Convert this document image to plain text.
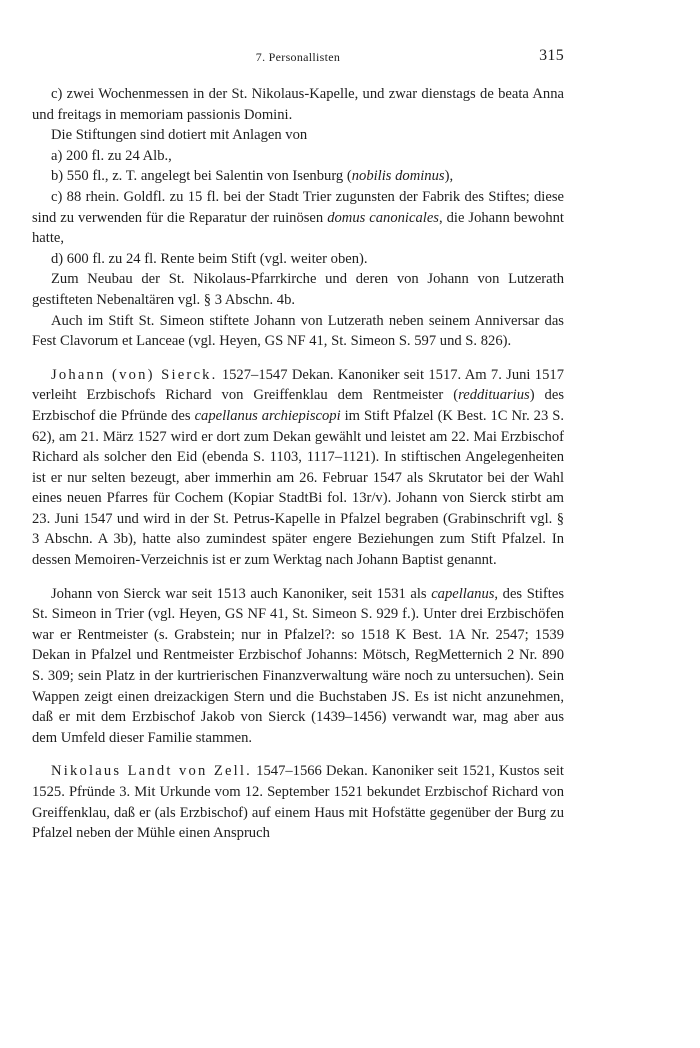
7. Personallisten	315

c) zwei Wochenmessen in der St. Nikolaus-Kapelle, und zwar dienstags de beata Anna und freitags in memoriam passionis Domini.

Die Stiftungen sind dotiert mit Anlagen von

a) 200 fl. zu 24 Alb.,

b) 550 fl., z. T. angelegt bei Salentin von Isenburg (nobilis dominus),

c) 88 rhein. Goldfl. zu 15 fl. bei der Stadt Trier zugunsten der Fabrik des Stiftes; diese sind zu verwenden für die Reparatur der ruinösen domus canonicales, die Johann bewohnt hatte,

d) 600 fl. zu 24 fl. Rente beim Stift (vgl. weiter oben).

Zum Neubau der St. Nikolaus-Pfarrkirche und deren von Johann von Lutzerath gestifteten Nebenaltären vgl. § 3 Abschn. 4b.

Auch im Stift St. Simeon stiftete Johann von Lutzerath neben seinem Anniversar das Fest Clavorum et Lanceae (vgl. Heyen, GS NF 41, St. Simeon S. 597 und S. 826).

Johann (von) Sierck. 1527–1547 Dekan. Kanoniker seit 1517. Am 7. Juni 1517 verleiht Erzbischofs Richard von Greiffenklau dem Rentmeister (reddituarius) des Erzbischof die Pfründe des capellanus archiepiscopi im Stift Pfalzel (K Best. 1C Nr. 23 S. 62), am 21. März 1527 wird er dort zum Dekan gewählt und leistet am 22. Mai Erzbischof Richard als solcher den Eid (ebenda S. 1103, 1117–1121). In stiftischen Angelegenheiten ist er nur selten bezeugt, aber immerhin am 26. Februar 1547 als Skrutator bei der Wahl eines neuen Pfarres für Cochem (Kopiar StadtBi fol. 13r/v). Johann von Sierck stirbt am 23. Juni 1547 und wird in der St. Petrus-Kapelle in Pfalzel begraben (Grabinschrift vgl. § 3 Abschn. A 3b), hatte also zumindest später engere Beziehungen zum Stift Pfalzel. In dessen Memoiren-Verzeichnis ist er zum Werktag nach Johann Baptist genannt.

Johann von Sierck war seit 1513 auch Kanoniker, seit 1531 als capellanus, des Stiftes St. Simeon in Trier (vgl. Heyen, GS NF 41, St. Simeon S. 929 f.). Unter drei Erzbischöfen war er Rentmeister (s. Grabstein; nur in Pfalzel?: so 1518 K Best. 1A Nr. 2547; 1539 Dekan in Pfalzel und Rentmeister Erzbischof Johanns: Mötsch, RegMetternich 2 Nr. 890 S. 309; sein Platz in der kurtrierischen Finanzverwaltung wäre noch zu untersuchen). Sein Wappen zeigt einen dreizackigen Stern und die Buchstaben JS. Es ist nicht anzunehmen, daß er mit dem Erzbischof Jakob von Sierck (1439–1456) verwandt war, mag aber aus dem Umfeld dieser Familie stammen.

Nikolaus Landt von Zell. 1547–1566 Dekan. Kanoniker seit 1521, Kustos seit 1525. Pfründe 3. Mit Urkunde vom 12. September 1521 bekundet Erzbischof Richard von Greiffenklau, daß er (als Erzbischof) auf einem Haus mit Hofstätte gegenüber der Burg zu Pfalzel neben der Mühle einen Anspruch
